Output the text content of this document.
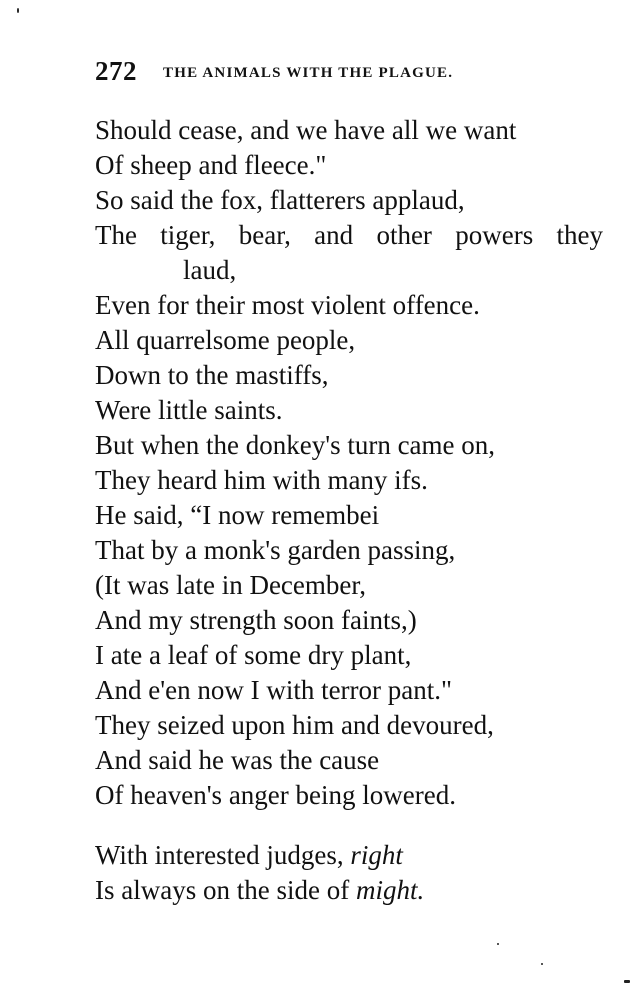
272 THE ANIMALS WITH THE PLAGUE.
Should cease, and we have all we want
Of sheep and fleece."
So said the fox, flatterers applaud,
The tiger, bear, and other powers they
laud,
Even for their most violent offence.
All quarrelsome people,
Down to the mastiffs,
Were little saints.
But when the donkey's turn came on,
They heard him with many ifs.
He said, “I now remembei
That by a monk's garden passing,
(It was late in December,
And my strength soon faints,)
I ate a leaf of some dry plant,
And e'en now I with terror pant."
They seized upon him and devoured,
And said he was the cause
Of heaven's anger being lowered.
With interested judges, right
Is always on the side of might.
